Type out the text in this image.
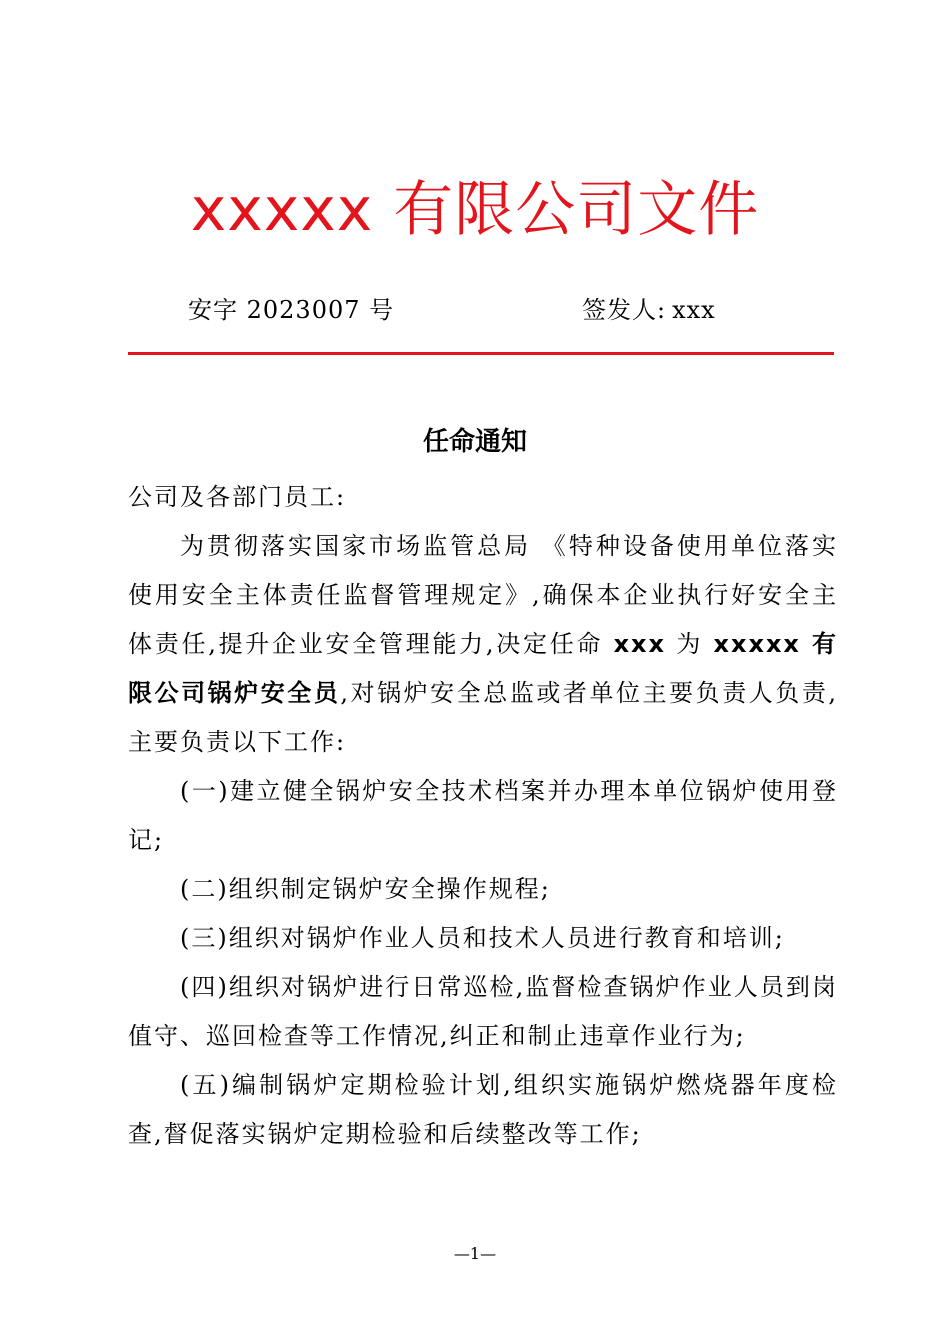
xxxxx 有限公司文件
安字 2023007 号	签发人: xxx
任命通知

公司及各部门员工:

为贯彻落实国家市场监管总局 《特种设备使用单位落实使用安全主体责任监督管理规定》,确保本企业执行好安全主体责任,提升企业安全管理能力,决定任命 xxx 为 xxxxx 有限公司锅炉安全员,对锅炉安全总监或者单位主要负责人负责,主要负责以下工作:

(一)建立健全锅炉安全技术档案并办理本单位锅炉使用登记;

(二)组织制定锅炉安全操作规程;

(三)组织对锅炉作业人员和技术人员进行教育和培训;

(四)组织对锅炉进行日常巡检,监督检查锅炉作业人员到岗值守、巡回检查等工作情况,纠正和制止违章作业行为;

(五)编制锅炉定期检验计划,组织实施锅炉燃烧器年度检查,督促落实锅炉定期检验和后续整改等工作;

—1—
